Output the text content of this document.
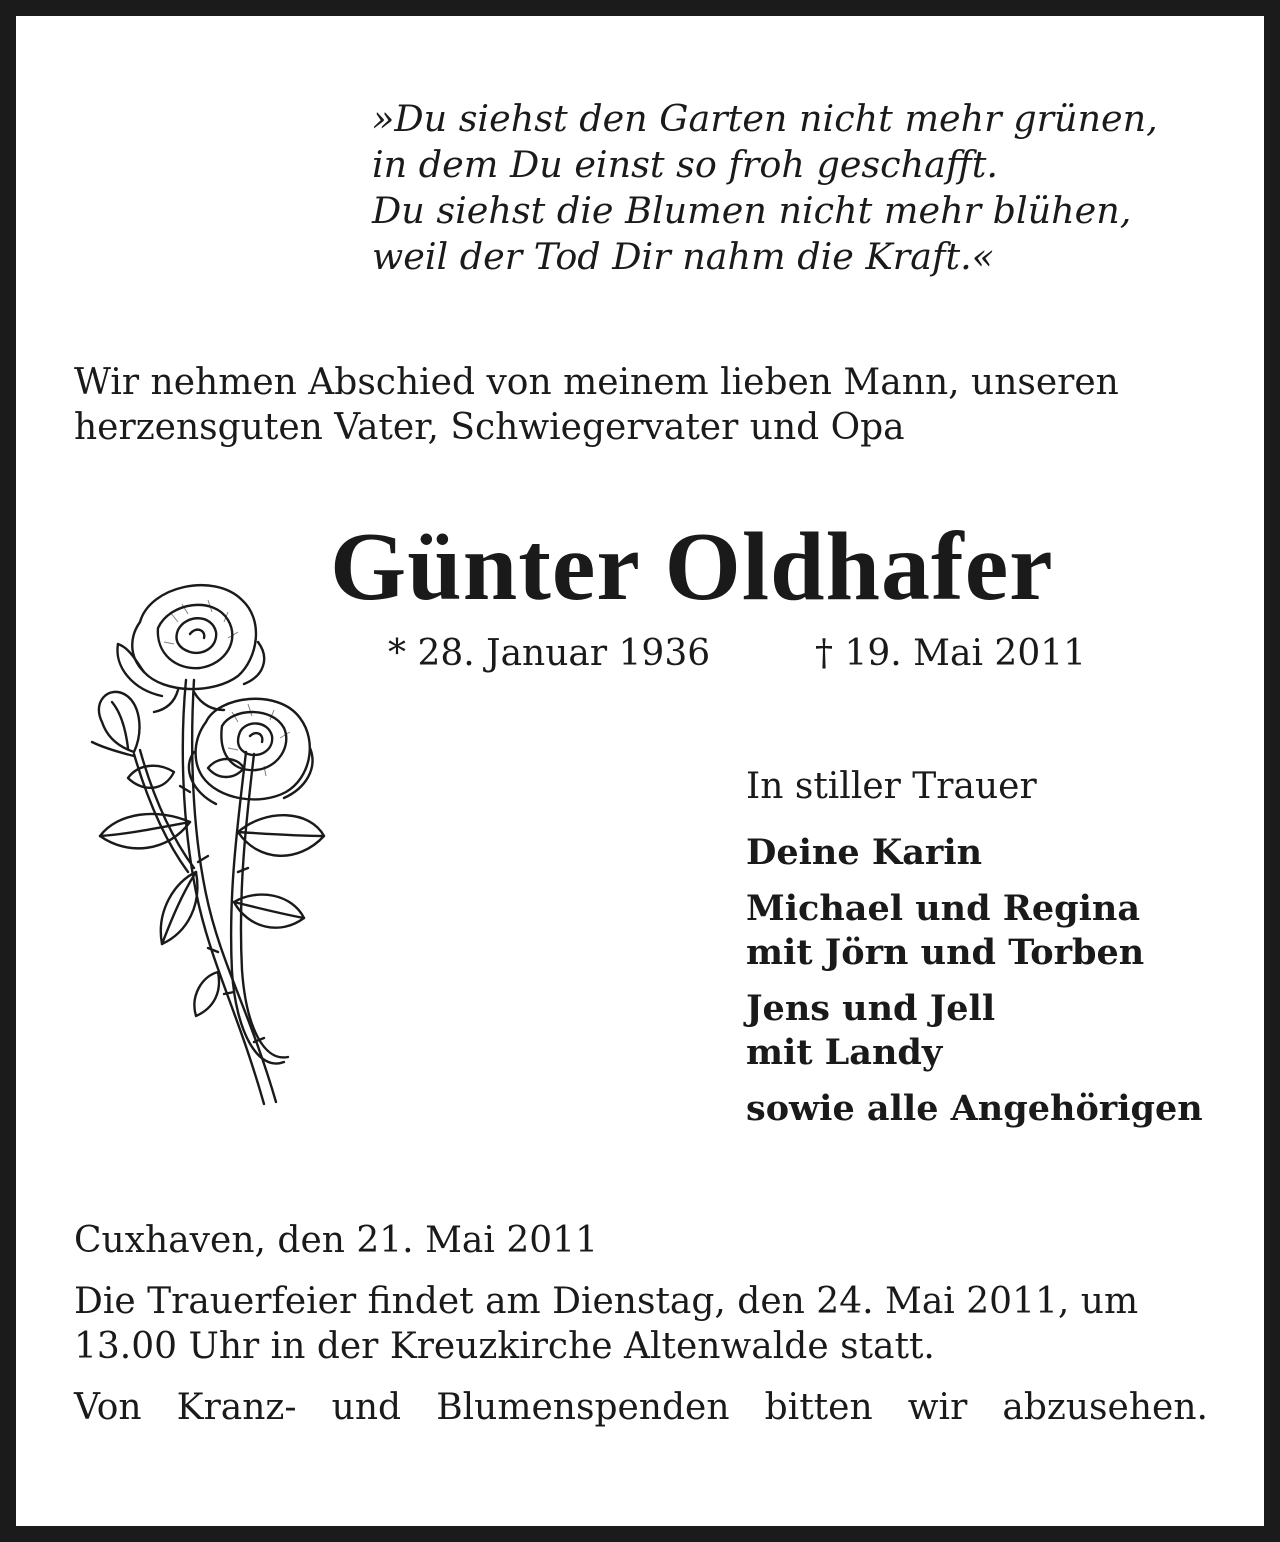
»Du siehst den Garten nicht mehr grünen,
in dem Du einst so froh geschafft.
Du siehst die Blumen nicht mehr blühen,
weil der Tod Dir nahm die Kraft.«
Wir nehmen Abschied von meinem lieben Mann, unseren
herzensguten Vater, Schwiegervater und Opa
Günter Oldhafer
* 28. Januar 1936	† 19. Mai 2011
In stiller Trauer
Deine Karin
Michael und Regina
mit Jörn und Torben
Jens und Jell
mit Landy
sowie alle Angehörigen
Cuxhaven, den 21. Mai 2011
Die Trauerfeier findet am Dienstag, den 24. Mai 2011, um
13.00 Uhr in der Kreuzkirche Altenwalde statt.
Von Kranz- und Blumenspenden bitten wir abzusehen.
